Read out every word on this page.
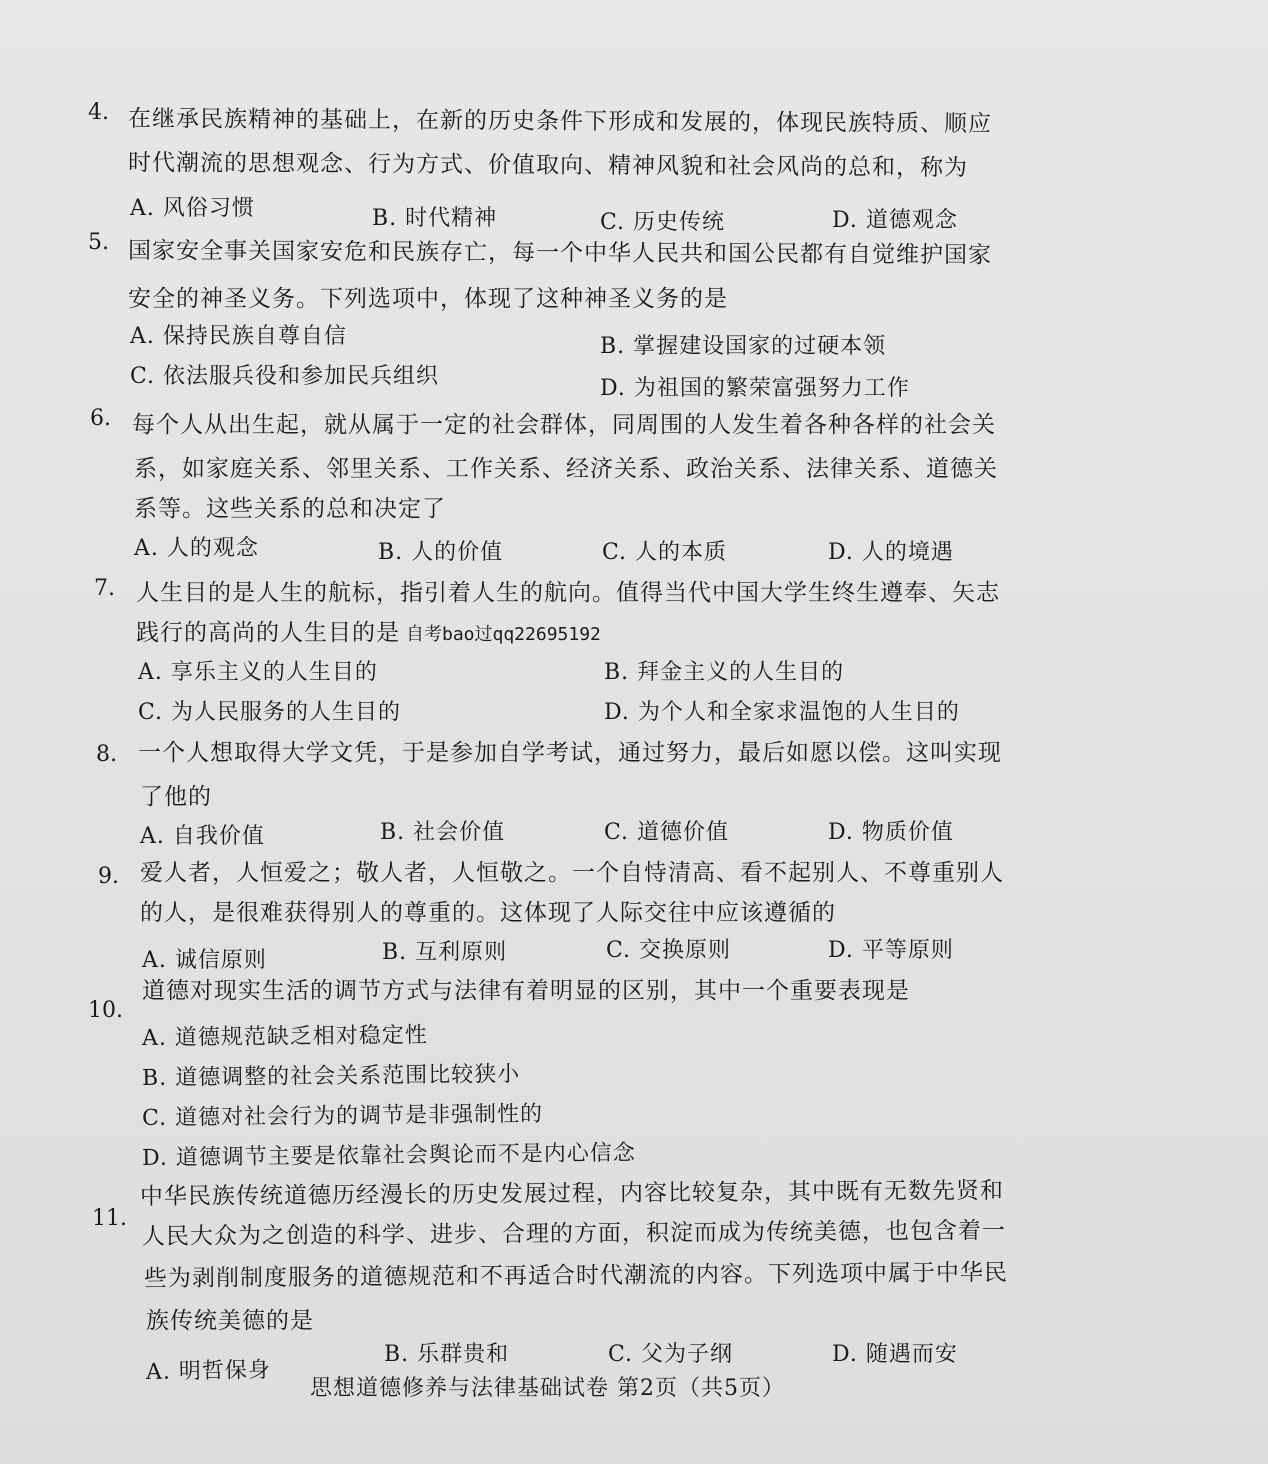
4. 在继承民族精神的基础上，在新的历史条件下形成和发展的，体现民族特质、顺应
时代潮流的思想观念、行为方式、价值取向、精神风貌和社会风尚的总和，称为
A. 风俗习惯	B. 时代精神	C. 历史传统	D. 道德观念
5. 国家安全事关国家安危和民族存亡，每一个中华人民共和国公民都有自觉维护国家
安全的神圣义务。下列选项中，体现了这种神圣义务的是
A. 保持民族自尊自信	B. 掌握建设国家的过硬本领
C. 依法服兵役和参加民兵组织	D. 为祖国的繁荣富强努力工作
6. 每个人从出生起，就从属于一定的社会群体，同周围的人发生着各种各样的社会关
系，如家庭关系、邻里关系、工作关系、经济关系、政治关系、法律关系、道德关
系等。这些关系的总和决定了
A. 人的观念	B. 人的价值	C. 人的本质	D. 人的境遇
7. 人生目的是人生的航标，指引着人生的航向。值得当代中国大学生终生遵奉、矢志
践行的高尚的人生目的是 自考bao过qq22695192
A. 享乐主义的人生目的	B. 拜金主义的人生目的
C. 为人民服务的人生目的	D. 为个人和全家求温饱的人生目的
8. 一个人想取得大学文凭，于是参加自学考试，通过努力，最后如愿以偿。这叫实现
了他的
A. 自我价值	B. 社会价值	C. 道德价值	D. 物质价值
9. 爱人者，人恒爱之；敬人者，人恒敬之。一个自恃清高、看不起别人、不尊重别人
的人，是很难获得别人的尊重的。这体现了人际交往中应该遵循的
A. 诚信原则	B. 互利原则	C. 交换原则	D. 平等原则
10.
道德对现实生活的调节方式与法律有着明显的区别，其中一个重要表现是
A. 道德规范缺乏相对稳定性
B. 道德调整的社会关系范围比较狭小
C. 道德对社会行为的调节是非强制性的
D. 道德调节主要是依靠社会舆论而不是内心信念
11.
中华民族传统道德历经漫长的历史发展过程，内容比较复杂，其中既有无数先贤和
人民大众为之创造的科学、进步、合理的方面，积淀而成为传统美德，也包含着一
些为剥削制度服务的道德规范和不再适合时代潮流的内容。下列选项中属于中华民
族传统美德的是
A. 明哲保身
B. 乐群贵和	C. 父为子纲	D. 随遇而安
思想道德修养与法律基础试卷 第2页（共5页）
